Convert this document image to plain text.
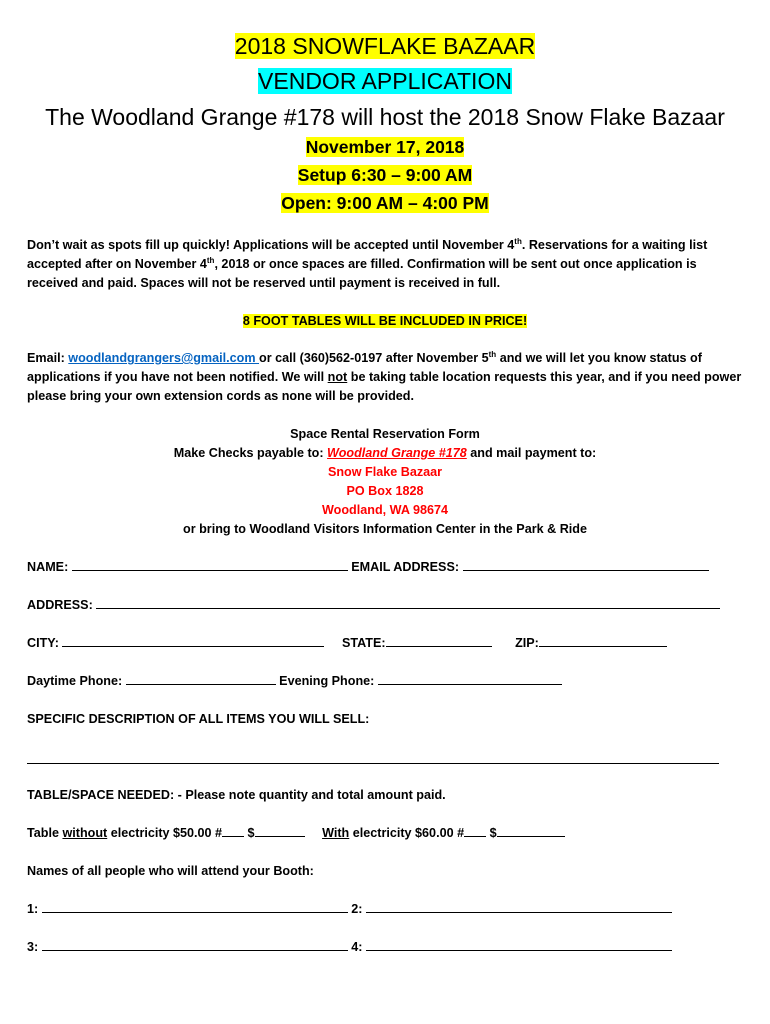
2018 SNOWFLAKE BAZAAR
VENDOR APPLICATION
The Woodland Grange #178 will host the 2018 Snow Flake Bazaar
November 17, 2018
Setup 6:30 – 9:00 AM
Open: 9:00 AM – 4:00 PM
Don’t wait as spots fill up quickly! Applications will be accepted until November 4th. Reservations for a waiting list accepted after on November 4th, 2018 or once spaces are filled. Confirmation will be sent out once application is received and paid. Spaces will not be reserved until payment is received in full.
8 FOOT TABLES WILL BE INCLUDED IN PRICE!
Email: woodlandgrangers@gmail.com or call (360)562-0197 after November 5th and we will let you know status of applications if you have not been notified. We will not be taking table location requests this year, and if you need power please bring your own extension cords as none will be provided.
Space Rental Reservation Form
Make Checks payable to: Woodland Grange #178 and mail payment to:
Snow Flake Bazaar
PO Box 1828
Woodland, WA 98674
or bring to Woodland Visitors Information Center in the Park & Ride
NAME:	EMAIL ADDRESS:
ADDRESS:
CITY:	STATE:	ZIP:
Daytime Phone:	Evening Phone:
SPECIFIC DESCRIPTION OF ALL ITEMS YOU WILL SELL:
TABLE/SPACE NEEDED: - Please note quantity and total amount paid.
Table without electricity $50.00 # $	With electricity $60.00 # $
Names of all people who will attend your Booth:
1:	2:
3:	4:
